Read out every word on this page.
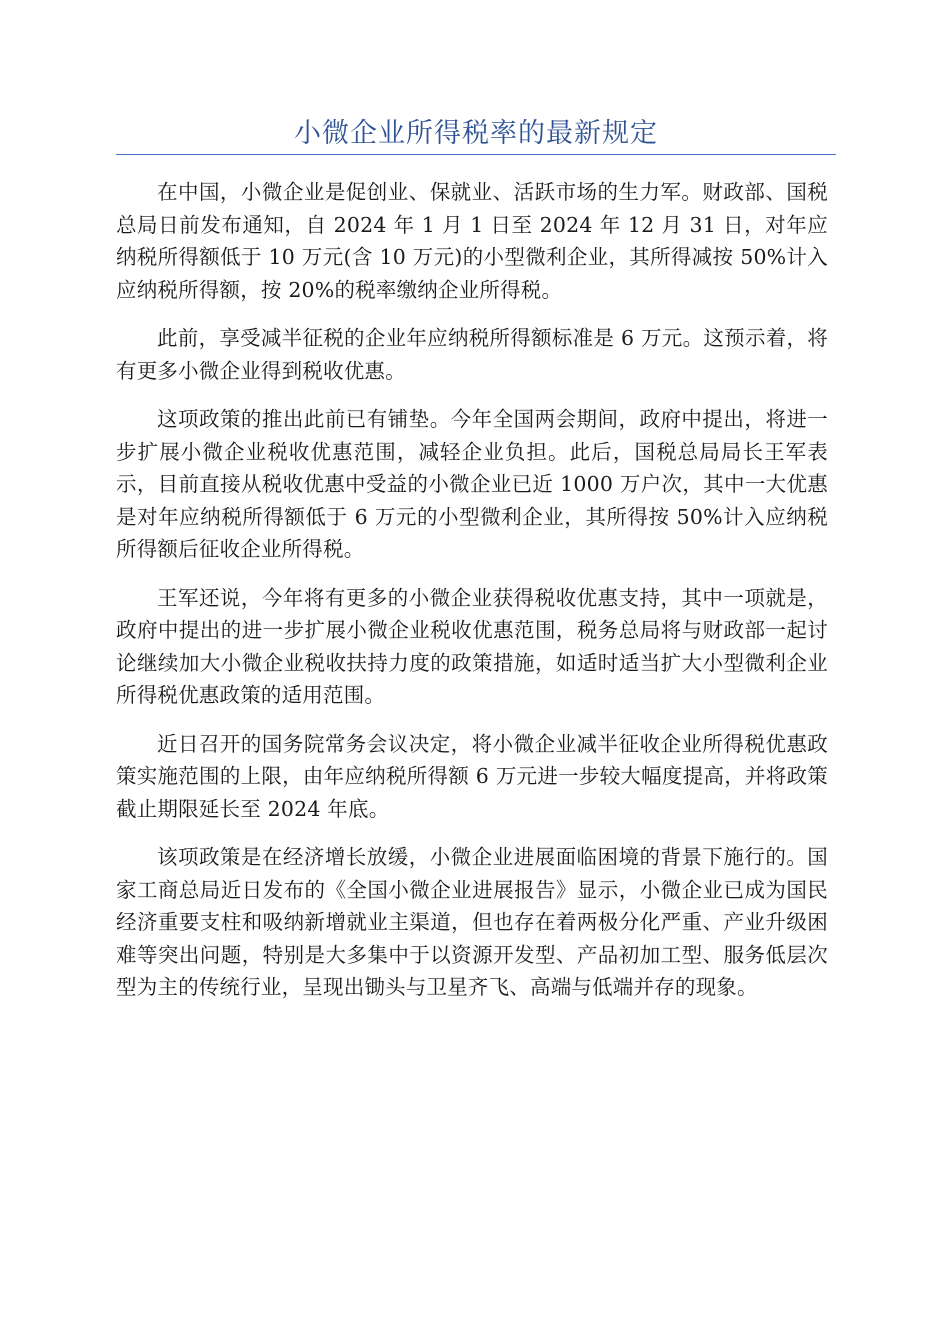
小微企业所得税率的最新规定

在中国，小微企业是促创业、保就业、活跃市场的生力军。财政部、国税总局日前发布通知，自 2024 年 1 月 1 日至 2024 年 12 月 31 日，对年应纳税所得额低于 10 万元(含 10 万元)的小型微利企业，其所得减按 50%计入应纳税所得额，按 20%的税率缴纳企业所得税。

此前，享受减半征税的企业年应纳税所得额标准是 6 万元。这预示着，将有更多小微企业得到税收优惠。

这项政策的推出此前已有铺垫。今年全国两会期间，政府中提出，将进一步扩展小微企业税收优惠范围，减轻企业负担。此后，国税总局局长王军表示，目前直接从税收优惠中受益的小微企业已近 1000 万户次，其中一大优惠是对年应纳税所得额低于 6 万元的小型微利企业，其所得按 50%计入应纳税所得额后征收企业所得税。

王军还说，今年将有更多的小微企业获得税收优惠支持，其中一项就是，政府中提出的进一步扩展小微企业税收优惠范围，税务总局将与财政部一起讨论继续加大小微企业税收扶持力度的政策措施，如适时适当扩大小型微利企业所得税优惠政策的适用范围。

近日召开的国务院常务会议决定，将小微企业减半征收企业所得税优惠政策实施范围的上限，由年应纳税所得额 6 万元进一步较大幅度提高，并将政策截止期限延长至 2024 年底。

该项政策是在经济增长放缓，小微企业进展面临困境的背景下施行的。国家工商总局近日发布的《全国小微企业进展报告》显示，小微企业已成为国民经济重要支柱和吸纳新增就业主渠道，但也存在着两极分化严重、产业升级困难等突出问题，特别是大多集中于以资源开发型、产品初加工型、服务低层次型为主的传统行业，呈现出锄头与卫星齐飞、高端与低端并存的现象。
